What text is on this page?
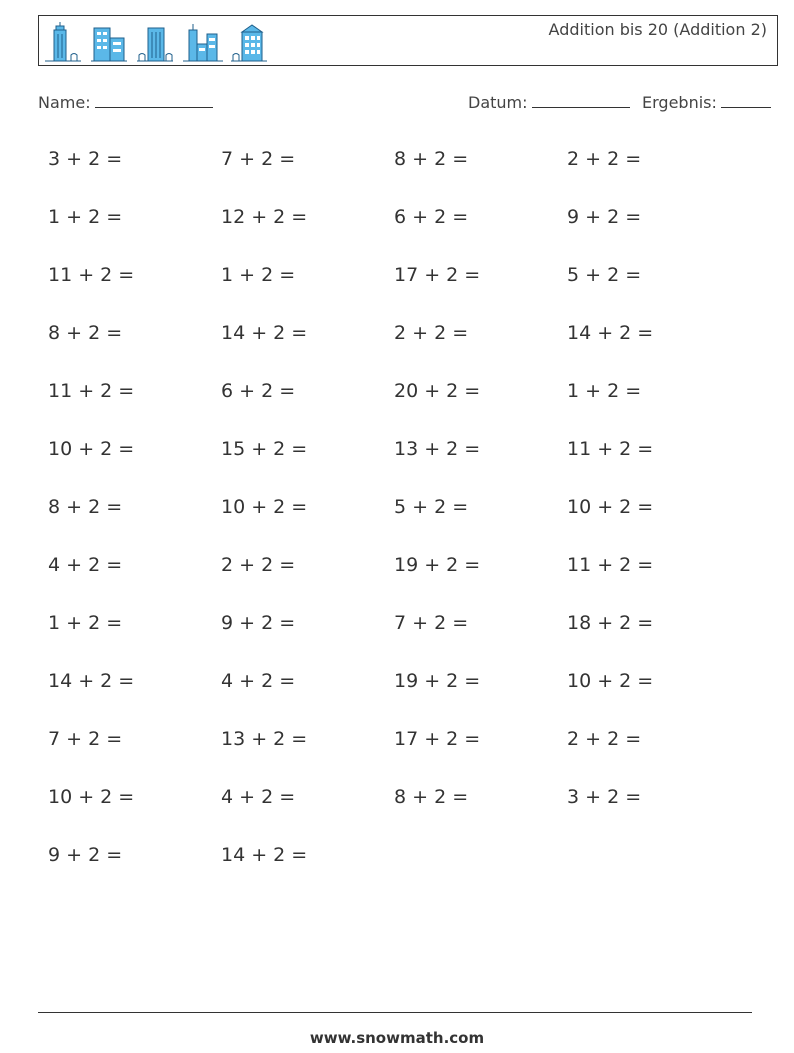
Addition bis 20 (Addition 2)
Name:	Datum:	Ergebnis:
3 + 2 =
1 + 2 =
11 + 2 =
8 + 2 =
11 + 2 =
10 + 2 =
8 + 2 =
4 + 2 =
1 + 2 =
14 + 2 =
7 + 2 =
10 + 2 =
9 + 2 =
7 + 2 =
12 + 2 =
1 + 2 =
14 + 2 =
6 + 2 =
15 + 2 =
10 + 2 =
2 + 2 =
9 + 2 =
4 + 2 =
13 + 2 =
4 + 2 =
14 + 2 =
8 + 2 =
6 + 2 =
17 + 2 =
2 + 2 =
20 + 2 =
13 + 2 =
5 + 2 =
19 + 2 =
7 + 2 =
19 + 2 =
17 + 2 =
8 + 2 =
2 + 2 =
9 + 2 =
5 + 2 =
14 + 2 =
1 + 2 =
11 + 2 =
10 + 2 =
11 + 2 =
18 + 2 =
10 + 2 =
2 + 2 =
3 + 2 =
www.snowmath.com
